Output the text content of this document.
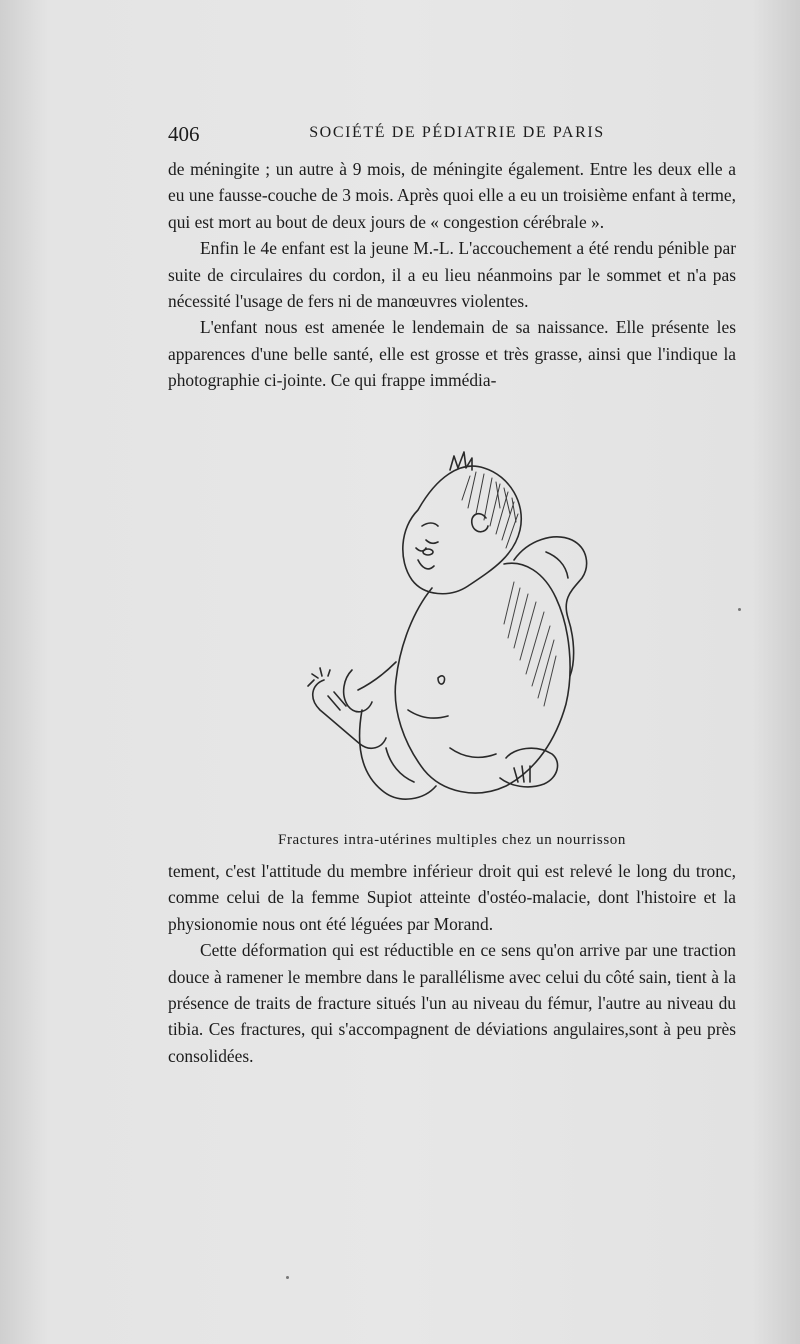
406	SOCIÉTÉ DE PÉDIATRIE DE PARIS

de méningite ; un autre à 9 mois, de méningite également. Entre les deux elle a eu une fausse-couche de 3 mois. Après quoi elle a eu un troisième enfant à terme, qui est mort au bout de deux jours de « congestion cérébrale ».

Enfin le 4e enfant est la jeune M.-L. L'accouchement a été rendu pénible par suite de circulaires du cordon, il a eu lieu néanmoins par le sommet et n'a pas nécessité l'usage de fers ni de manœuvres violentes.

L'enfant nous est amenée le lendemain de sa naissance. Elle présente les apparences d'une belle santé, elle est grosse et très grasse, ainsi que l'indique la photographie ci-jointe. Ce qui frappe immédia-

Fractures intra-utérines multiples chez un nourrisson

tement, c'est l'attitude du membre inférieur droit qui est relevé le long du tronc, comme celui de la femme Supiot atteinte d'ostéo-malacie, dont l'histoire et la physionomie nous ont été léguées par Morand.

Cette déformation qui est réductible en ce sens qu'on arrive par une traction douce à ramener le membre dans le parallélisme avec celui du côté sain, tient à la présence de traits de fracture situés l'un au niveau du fémur, l'autre au niveau du tibia. Ces fractures, qui s'accompagnent de déviations angulaires,sont à peu près consolidées.
